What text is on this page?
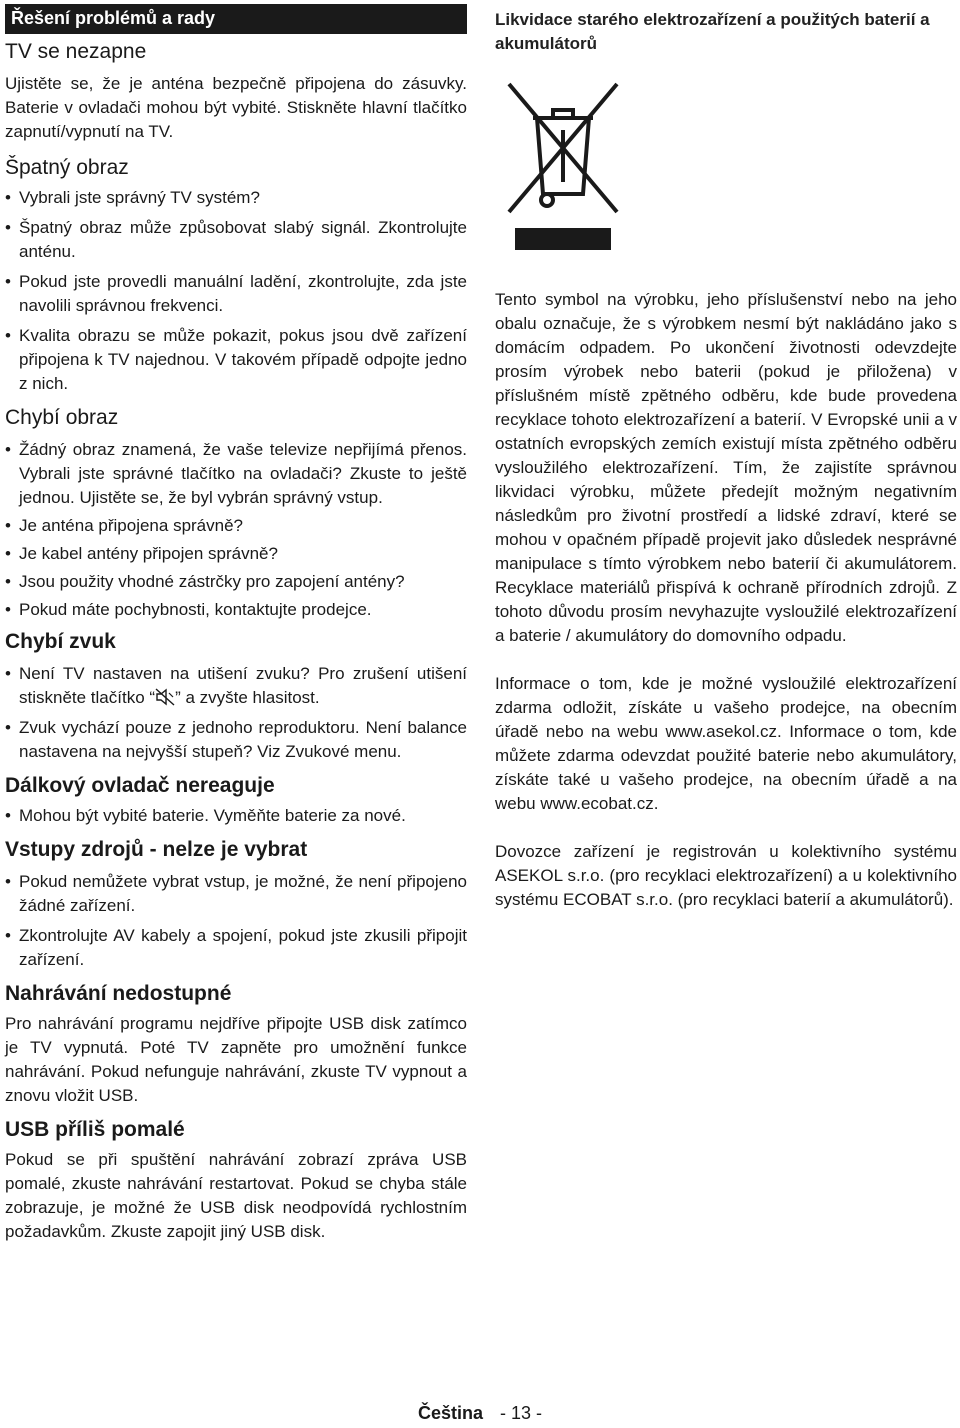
Řešení problémů a rady
TV se nezapne

Ujistěte se, že je anténa bezpečně připojena do zásuvky. Baterie v ovladači mohou být vybité. Stiskněte hlavní tlačítko zapnutí/vypnutí na TV.

Špatný obraz
• Vybrali jste správný TV systém?
• Špatný obraz může způsobovat slabý signál. Zkontrolujte anténu.
• Pokud jste provedli manuální ladění, zkontrolujte, zda jste navolili správnou frekvenci.
• Kvalita obrazu se může pokazit, pokus jsou dvě zařízení připojena k TV najednou. V takovém případě odpojte jedno z nich.
Chybí obraz
• Žádný obraz znamená, že vaše televize nepřijímá přenos. Vybrali jste správné tlačítko na ovladači? Zkuste to ještě jednou. Ujistěte se, že byl vybrán správný vstup.
• Je anténa připojena správně?
• Je kabel antény připojen správně?
• Jsou použity vhodné zástrčky pro zapojení antény?
• Pokud máte pochybnosti, kontaktujte prodejce.
Chybí zvuk
• Není TV nastaven na utišení zvuku? Pro zrušení utišení stiskněte tlačítko “ ” a zvyšte hlasitost.
• Zvuk vychází pouze z jednoho reproduktoru. Není balance nastavena na nejvyšší stupeň? Viz Zvukové menu.
Dálkový ovladač nereaguje
• Mohou být vybité baterie. Vyměňte baterie za nové.
Vstupy zdrojů - nelze je vybrat
• Pokud nemůžete vybrat vstup, je možné, že není připojeno žádné zařízení.
• Zkontrolujte AV kabely a spojení, pokud jste zkusili připojit zařízení.
Nahrávání nedostupné

Pro nahrávání programu nejdříve připojte USB disk zatímco je TV vypnutá. Poté TV zapněte pro umožnění funkce nahrávání. Pokud nefunguje nahrávání, zkuste TV vypnout a znovu vložit USB.

USB příliš pomalé

Pokud se při spuštění nahrávání zobrazí zpráva USB pomalé, zkuste nahrávání restartovat. Pokud se chyba stále zobrazuje, je možné že USB disk neodpovídá rychlostním požadavkům. Zkuste zapojit jiný USB disk.

Likvidace starého elektrozařízení a použitých baterií a akumulátorů

Tento symbol na výrobku, jeho příslušenství nebo na jeho obalu označuje, že s výrobkem nesmí být nakládáno jako s domácím odpadem. Po ukončení životnosti odevzdejte prosím výrobek nebo baterii (pokud je přiložena) v příslušném místě zpětného odběru, kde bude provedena recyklace tohoto elektrozařízení a baterií. V Evropské unii a v ostatních evropských zemích existují místa zpětného odběru vysloužilého elektrozařízení. Tím, že zajistíte správnou likvidaci výrobku, můžete předejít možným negativním následkům pro životní prostředí a lidské zdraví, které se mohou v opačném případě projevit jako důsledek nesprávné manipulace s tímto výrobkem nebo baterií či akumulátorem. Recyklace materiálů přispívá k ochraně přírodních zdrojů. Z tohoto důvodu prosím nevyhazujte vysloužilé elektrozařízení a baterie / akumulátory do domovního odpadu.

Informace o tom, kde je možné vysloužilé elektrozařízení zdarma odložit, získáte u vašeho prodejce, na obecním úřadě nebo na webu www.asekol.cz. Informace o tom, kde můžete zdarma odevzdat použité baterie nebo akumulátory, získáte také u vašeho prodejce, na obecním úřadě a na webu www.ecobat.cz.

Dovozce zařízení je registrován u kolektivního systému ASEKOL s.r.o. (pro recyklaci elektrozařízení) a u kolektivního systému ECOBAT s.r.o. (pro recyklaci baterií a akumulátorů).

Čeština - 13 -
